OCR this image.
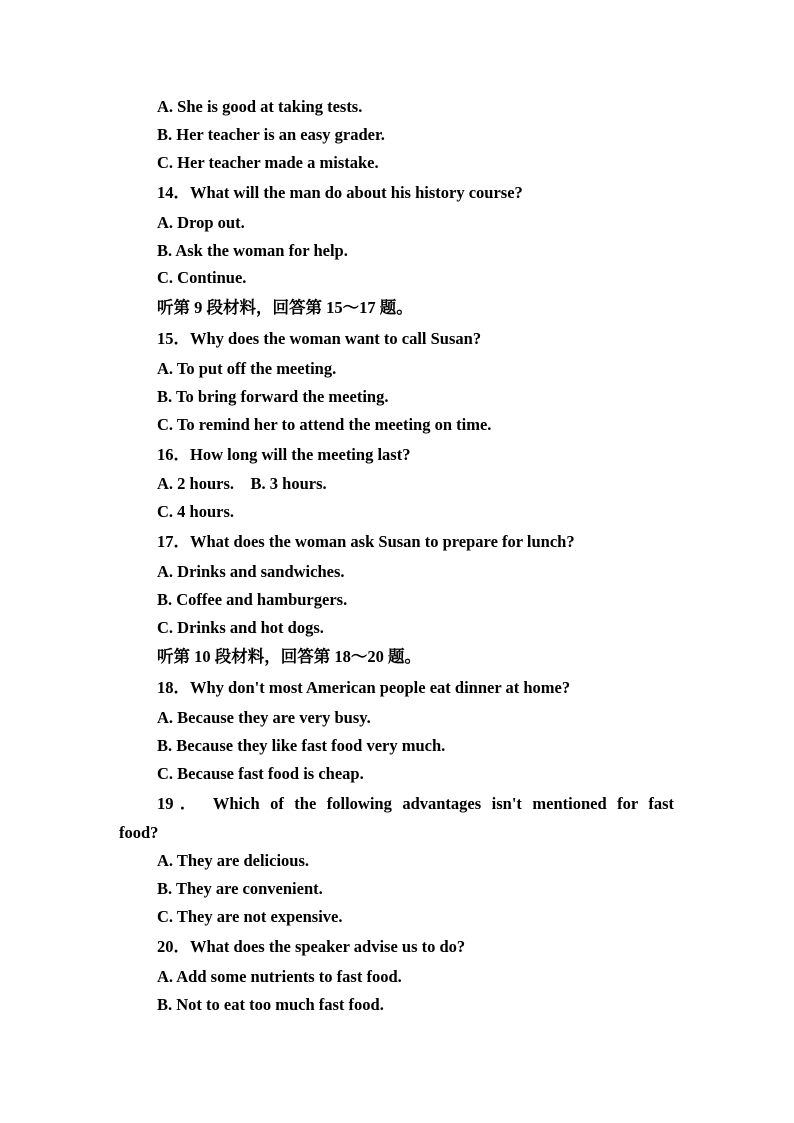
A. She is good at taking tests.
B. Her teacher is an easy grader.
C. Her teacher made a mistake.
14．What will the man do about his history course?
A. Drop out.
B. Ask the woman for help.
C. Continue.
听第 9 段材料，回答第 15～17 题。
15．Why does the woman want to call Susan?
A. To put off the meeting.
B. To bring forward the meeting.
C. To remind her to attend the meeting on time.
16．How long will the meeting last?
A. 2 hours.　B. 3 hours.
C. 4 hours.
17．What does the woman ask Susan to prepare for lunch?
A. Drinks and sandwiches.
B. Coffee and hamburgers.
C. Drinks and hot dogs.
听第 10 段材料，回答第 18～20 题。
18．Why don't most American people eat dinner at home?
A. Because they are very busy.
B. Because they like fast food very much.
C. Because fast food is cheap.
19． Which of the following advantages isn't mentioned for fast
food?
A. They are delicious.
B. They are convenient.
C. They are not expensive.
20．What does the speaker advise us to do?
A. Add some nutrients to fast food.
B. Not to eat too much fast food.
